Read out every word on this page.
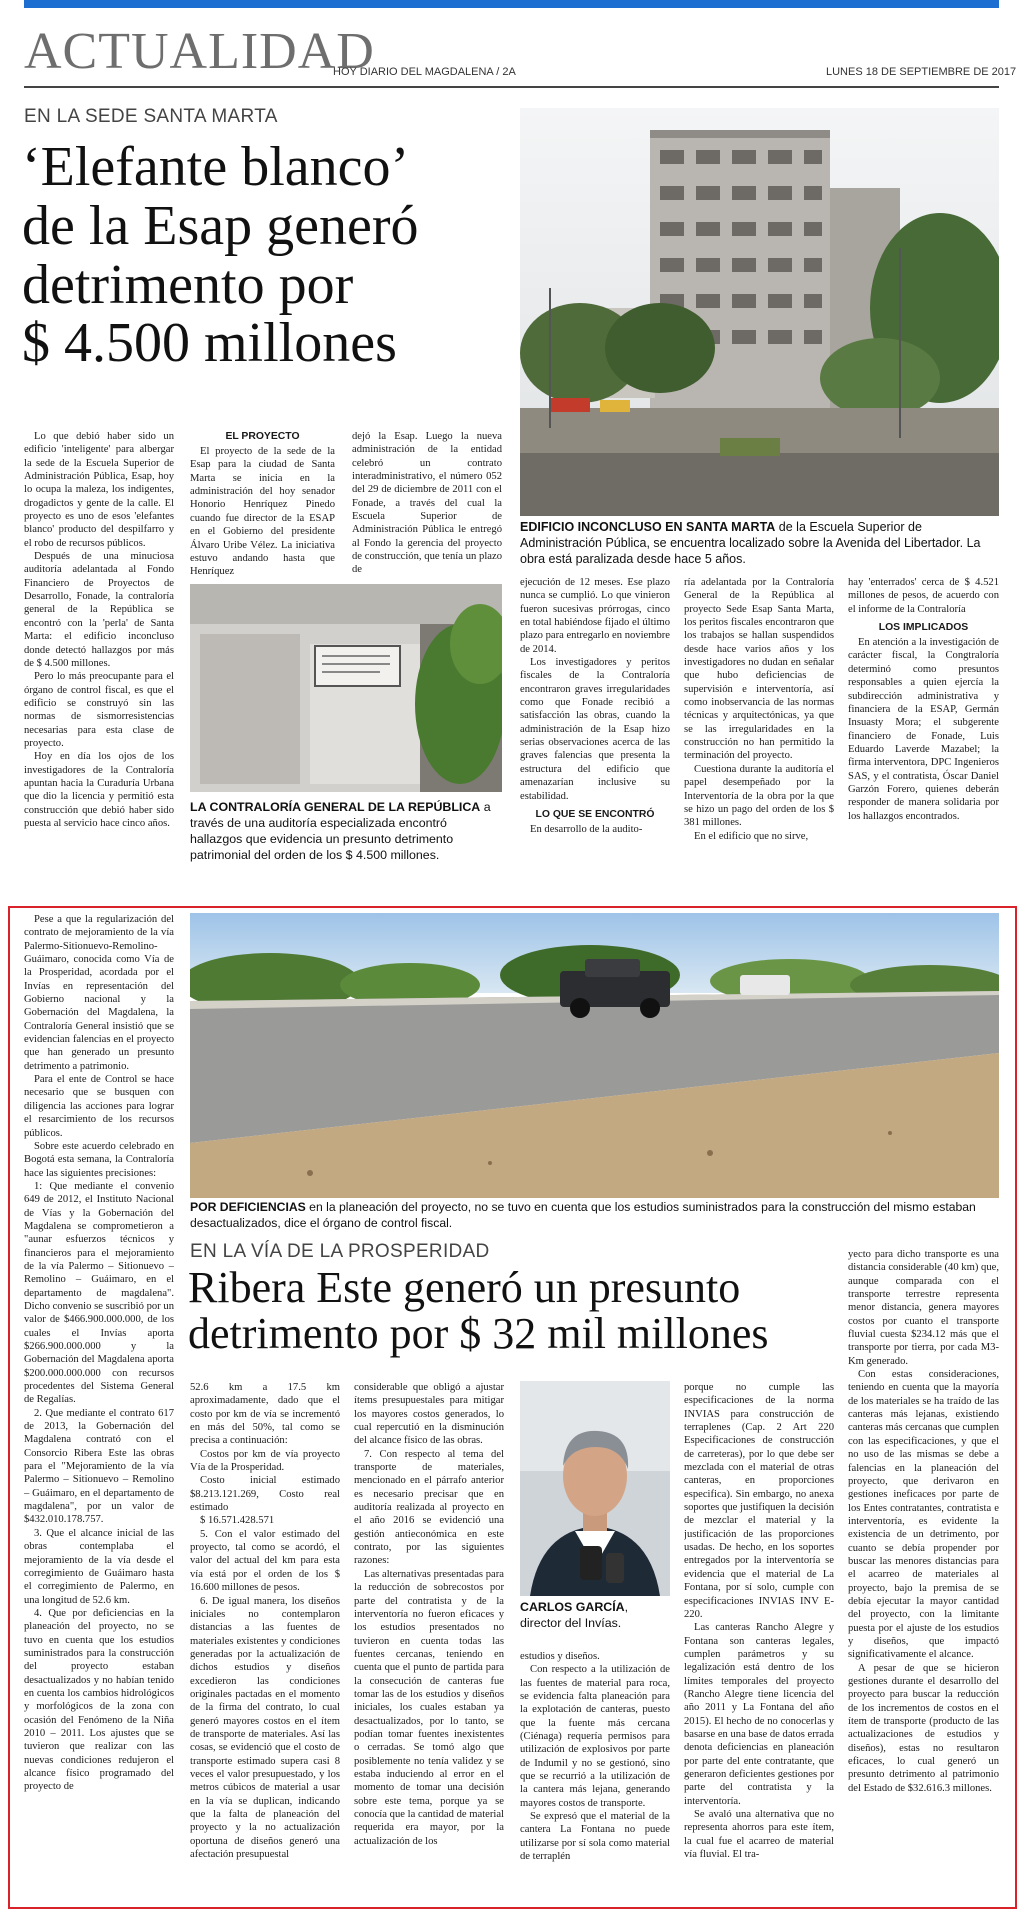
ACTUALIDAD
HOY DIARIO DEL MAGDALENA / 2A	LUNES 18 DE SEPTIEMBRE DE 2017
EN LA SEDE SANTA MARTA
‘Elefante blanco’
de la Esap generó
detrimento por
$ 4.500 millones
EDIFICIO INCONCLUSO EN SANTA MARTA de la Escuela Superior de Administración Pública, se encuentra localizado sobre la Avenida del Libertador. La obra está paralizada desde hace 5 años.

Lo que debió haber sido un edificio 'inteligente' para albergar la sede de la Escuela Superior de Administración Pública, Esap, hoy lo ocupa la maleza, los indigentes, drogadictos y gente de la calle. El proyecto es uno de esos 'elefantes blanco' producto del despilfarro y el robo de recursos públicos.

Después de una minuciosa auditoría adelantada al Fondo Financiero de Proyectos de Desarrollo, Fonade, la contraloría general de la República se encontró con la 'perla' de Santa Marta: el edificio inconcluso donde detectó hallazgos por más de $ 4.500 millones.

Pero lo más preocupante para el órgano de control fiscal, es que el edificio se construyó sin las normas de sismorresistencias necesarias para esta clase de proyecto.

Hoy en día los ojos de los investigadores de la Contraloría apuntan hacia la Curaduría Urbana que dio la licencia y permitió esta construcción que debió haber sido puesta al servicio hace cinco años.

EL PROYECTO

El proyecto de la sede de la Esap para la ciudad de Santa Marta se inicia en la administración del hoy senador Honorio Henríquez Pinedo cuando fue director de la ESAP en el Gobierno del presidente Álvaro Uribe Vélez. La iniciativa estuvo andando hasta que Henríquez

dejó la Esap. Luego la nueva administración de la entidad celebró un contrato interadministrativo, el número 052 del 29 de diciembre de 2011 con el Fonade, a través del cual la Escuela Superior de Administración Pública le entregó al Fondo la gerencia del proyecto de construcción, que tenía un plazo de

LA CONTRALORÍA GENERAL DE LA REPÚBLICA a través de una auditoría especializada encontró hallazgos que evidencia un presunto detrimento patrimonial del orden de los $ 4.500 millones.

ejecución de 12 meses. Ese plazo nunca se cumplió. Lo que vinieron fueron sucesivas prórrogas, cinco en total habiéndose fijado el último plazo para entregarlo en noviembre de 2014.

Los investigadores y peritos fiscales de la Contraloría encontraron graves irregularidades como que Fonade recibió a satisfacción las obras, cuando la administración de la Esap hizo serias observaciones acerca de las graves falencias que presenta la estructura del edificio que amenazarían inclusive su estabilidad.

LO QUE SE ENCONTRÓ

En desarrollo de la audito-

ría adelantada por la Contraloría General de la República al proyecto Sede Esap Santa Marta, los peritos fiscales encontraron que los trabajos se hallan suspendidos desde hace varios años y los investigadores no dudan en señalar que hubo deficiencias de supervisión e interventoría, así como inobservancia de las normas técnicas y arquitectónicas, ya que se las irregularidades en la construcción no han permitido la terminación del proyecto.

Cuestiona durante la auditoría el papel desempeñado por la Interventoría de la obra por la que se hizo un pago del orden de los $ 381 millones.

En el edificio que no sirve,

hay 'enterrados' cerca de $ 4.521 millones de pesos, de acuerdo con el informe de la Contraloría

LOS IMPLICADOS

En atención a la investigación de carácter fiscal, la Congtraloría determinó como presuntos responsables a quien ejercía la subdirección administrativa y financiera de la ESAP, Germán Insuasty Mora; el subgerente financiero de Fonade, Luis Eduardo Laverde Mazabel; la firma interventora, DPC Ingenieros SAS, y el contratista, Óscar Daniel Garzón Forero, quienes deberán responder de manera solidaria por los hallazgos encontrados.

Pese a que la regularización del contrato de mejoramiento de la vía Palermo-Sitionuevo-Remolino-Guáimaro, conocida como Vía de la Prosperidad, acordada por el Invías en representación del Gobierno nacional y la Gobernación del Magdalena, la Contraloría General insistió que se evidencian falencias en el proyecto que han generado un presunto detrimento a patrimonio.

Para el ente de Control se hace necesario que se busquen con diligencia las acciones para lograr el resarcimiento de los recursos públicos.

Sobre este acuerdo celebrado en Bogotá esta semana, la Contraloría hace las siguientes precisiones:

1: Que mediante el convenio 649 de 2012, el Instituto Nacional de Vías y la Gobernación del Magdalena se comprometieron a "aunar esfuerzos técnicos y financieros para el mejoramiento de la vía Palermo – Sitionuevo – Remolino – Guáimaro, en el departamento de magdalena". Dicho convenio se suscribió por un valor de $466.900.000.000, de los cuales el Invías aporta $266.900.000.000 y la Gobernación del Magdalena aporta $200.000.000.000 con recursos procedentes del Sistema General de Regalías.

2. Que mediante el contrato 617 de 2013, la Gobernación del Magdalena contrató con el Consorcio Ribera Este las obras para el "Mejoramiento de la vía Palermo – Sitionuevo – Remolino – Guáimaro, en el departamento de magdalena", por un valor de $432.010.178.757.

3. Que el alcance inicial de las obras contemplaba el mejoramiento de la vía desde el corregimiento de Guáimaro hasta el corregimiento de Palermo, en una longitud de 52.6 km.

4. Que por deficiencias en la planeación del proyecto, no se tuvo en cuenta que los estudios suministrados para la construcción del proyecto estaban desactualizados y no habían tenido en cuenta los cambios hidrológicos y morfológicos de la zona con ocasión del Fenómeno de la Niña 2010 – 2011. Los ajustes que se tuvieron que realizar con las nuevas condiciones redujeron el alcance físico programado del proyecto de

POR DEFICIENCIAS en la planeación del proyecto, no se tuvo en cuenta que los estudios suministrados para la construcción del mismo estaban desactualizados, dice el órgano de control fiscal.
EN LA VÍA DE LA PROSPERIDAD
Ribera Este generó un presunto
detrimento por $ 32 mil millones

52.6 km a 17.5 km aproximadamente, dado que el costo por km de vía se incrementó en más del 50%, tal como se precisa a continuación:

Costos por km de vía proyecto Vía de la Prosperidad.

Costo inicial estimado $8.213.121.269, Costo real estimado

$ 16.571.428.571

5. Con el valor estimado del proyecto, tal como se acordó, el valor del actual del km para esta vía está por el orden de los $ 16.600 millones de pesos.

6. De igual manera, los diseños iniciales no contemplaron distancias a las fuentes de materiales existentes y condiciones generadas por la actualización de dichos estudios y diseños excedieron las condiciones originales pactadas en el momento de la firma del contrato, lo cual generó mayores costos en el ítem de transporte de materiales. Así las cosas, se evidenció que el costo de transporte estimado supera casi 8 veces el valor presupuestado, y los metros cúbicos de material a usar en la vía se duplican, indicando que la falta de planeación del proyecto y la no actualización oportuna de diseños generó una afectación presupuestal

considerable que obligó a ajustar ítems presupuestales para mitigar los mayores costos generados, lo cual repercutió en la disminución del alcance físico de las obras.

7. Con respecto al tema del transporte de materiales, mencionado en el párrafo anterior es necesario precisar que en auditoría realizada al proyecto en el año 2016 se evidenció una gestión antieconómica en este contrato, por las siguientes razones:

Las alternativas presentadas para la reducción de sobrecostos por parte del contratista y de la interventoría no fueron eficaces y los estudios presentados no tuvieron en cuenta todas las fuentes cercanas, teniendo en cuenta que el punto de partida para la consecución de canteras fue tomar las de los estudios y diseños iniciales, los cuales estaban ya desactualizados, por lo tanto, se podían tomar fuentes inexistentes o cerradas. Se tomó algo que posiblemente no tenía validez y se estaba induciendo al error en el momento de tomar una decisión sobre este tema, porque ya se conocía que la cantidad de material requerida era mayor, por la actualización de los

CARLOS GARCÍA, director del Invías.

estudios y diseños.

Con respecto a la utilización de las fuentes de material para roca, se evidencia falta planeación para la explotación de canteras, puesto que la fuente más cercana (Ciénaga) requería permisos para utilización de explosivos por parte de Indumil y no se gestionó, sino que se recurrió a la utilización de la cantera más lejana, generando mayores costos de transporte.

Se expresó que el material de la cantera La Fontana no puede utilizarse por sí sola como material de terraplén

porque no cumple las especificaciones de la norma INVIAS para construcción de terraplenes (Cap. 2 Art 220 Especificaciones de construcción de carreteras), por lo que debe ser mezclada con el material de otras canteras, en proporciones especifica). Sin embargo, no anexa soportes que justifiquen la decisión de mezclar el material y la justificación de las proporciones usadas. De hecho, en los soportes entregados por la interventoría se evidencia que el material de La Fontana, por sí solo, cumple con especificaciones INVIAS INV E-220.

Las canteras Rancho Alegre y Fontana son canteras legales, cumplen parámetros y su legalización está dentro de los límites temporales del proyecto (Rancho Alegre tiene licencia del año 2011 y La Fontana del año 2015). El hecho de no conocerlas y basarse en una base de datos errada denota deficiencias en planeación por parte del ente contratante, que generaron deficientes gestiones por parte del contratista y la interventoría.

Se avaló una alternativa que no representa ahorros para este ítem, la cual fue el acarreo de material vía fluvial. El tra-

yecto para dicho transporte es una distancia considerable (40 km) que, aunque comparada con el transporte terrestre representa menor distancia, genera mayores costos por cuanto el transporte fluvial cuesta $234.12 más que el transporte por tierra, por cada M3-Km generado.

Con estas consideraciones, teniendo en cuenta que la mayoría de los materiales se ha traído de las canteras más lejanas, existiendo canteras más cercanas que cumplen con las especificaciones, y que el no uso de las mismas se debe a falencias en la planeación del proyecto, que derivaron en gestiones ineficaces por parte de los Entes contratantes, contratista e interventoría, es evidente la existencia de un detrimento, por cuanto se debía propender por buscar las menores distancias para el acarreo de materiales al proyecto, bajo la premisa de se debía ejecutar la mayor cantidad del proyecto, con la limitante puesta por el ajuste de los estudios y diseños, que impactó significativamente el alcance.

A pesar de que se hicieron gestiones durante el desarrollo del proyecto para buscar la reducción de los incrementos de costos en el ítem de transporte (producto de las actualizaciones de estudios y diseños), estas no resultaron eficaces, lo cual generó un presunto detrimento al patrimonio del Estado de $32.616.3 millones.
